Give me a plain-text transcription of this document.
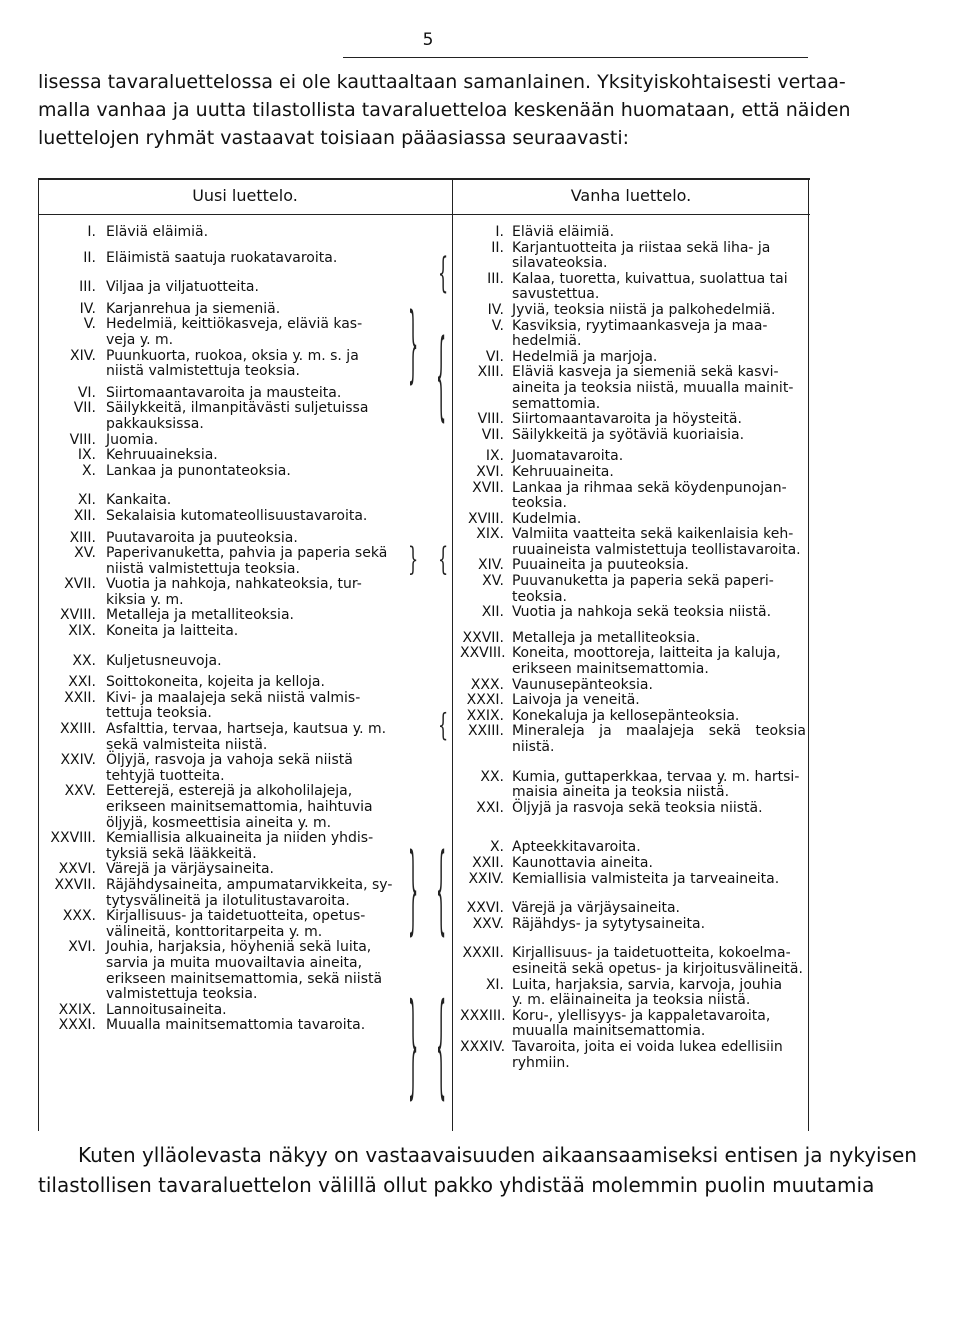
5
lisessa tavaraluettelossa ei ole kauttaaltaan samanlainen. Yksityiskohtaisesti vertaa-
malla vanhaa ja uutta tilastollista tavaraluetteloa keskenään huomataan, että näiden
luettelojen ryhmät vastaavat toisiaan pääasiassa seuraavasti:
Uusi luettelo.	Vanha luettelo.
I. Eläviä eläimiä.
II. Eläimistä saatuja ruokatavaroita.
III. Viljaa ja viljatuotteita.
IV. Karjanrehua ja siemeniä.
V. Hedelmiä, keittiökasveja, eläviä kas-
veja y. m.
XIV. Puunkuorta, ruokoa, oksia y. m. s. ja
niistä valmistettuja teoksia.
VI. Siirtomaantavaroita ja mausteita.
VII. Säilykkeitä, ilmanpitävästi suljetuissa
pakkauksissa.
VIII. Juomia.
IX. Kehruuaineksia.
X. Lankaa ja punontateoksia.
XI. Kankaita.
XII. Sekalaisia kutomateollisuustavaroita.
XIII. Puutavaroita ja puuteoksia.
XV. Paperivanuketta, pahvia ja paperia sekä
niistä valmistettuja teoksia.
XVII. Vuotia ja nahkoja, nahkateoksia, tur-
kiksia y. m.
XVIII. Metalleja ja metalliteoksia.
XIX. Koneita ja laitteita.
XX. Kuljetusneuvoja.
XXI. Soittokoneita, kojeita ja kelloja.
XXII. Kivi- ja maalajeja sekä niistä valmis-
tettuja teoksia.
XXIII. Asfalttia, tervaa, hartseja, kautsua y. m.
sekä valmisteita niistä.
XXIV. Öljyjä, rasvoja ja vahoja sekä niistä
tehtyjä tuotteita.
XXV. Eetterejä, esterejä ja alkoholilajeja,
erikseen mainitsemattomia, haihtuvia
öljyjä, kosmeettisia aineita y. m.
XXVIII. Kemiallisia alkuaineita ja niiden yhdis-
tyksiä sekä lääkkeitä.
XXVI. Värejä ja värjäysaineita.
XXVII. Räjähdysaineita, ampumatarvikkeita, sy-
tytysvälineitä ja ilotulitustavaroita.
XXX. Kirjallisuus- ja taidetuotteita, opetus-
välineitä, konttoritarpeita y. m.
XVI. Jouhia, harjaksia, höyheniä sekä luita,
sarvia ja muita muovailtavia aineita,
erikseen mainitsemattomia, sekä niistä
valmistettuja teoksia.
XXIX. Lannoitusaineita.
XXXI. Muualla mainitsemattomia tavaroita.
I. Eläviä eläimiä.
II. Karjantuotteita ja riistaa sekä liha- ja
silavateoksia.
III. Kalaa, tuoretta, kuivattua, suolattua tai
savustettua.
IV. Jyviä, teoksia niistä ja palkohedelmiä.
V. Kasviksia, ryytimaankasveja ja maa-
hedelmiä.
VI. Hedelmiä ja marjoja.
XIII. Eläviä kasveja ja siemeniä sekä kasvi-
aineita ja teoksia niistä, muualla mainit-
semattomia.
VIII. Siirtomaantavaroita ja höysteitä.
VII. Säilykkeitä ja syötäviä kuoriaisia.
IX. Juomatavaroita.
XVI. Kehruuaineita.
XVII. Lankaa ja rihmaa sekä köydenpunojan-
teoksia.
XVIII. Kudelmia.
XIX. Valmiita vaatteita sekä kaikenlaisia keh-
ruuaineista valmistettuja teollistavaroita.
XIV. Puuaineita ja puuteoksia.
XV. Puuvanuketta ja paperia sekä paperi-
teoksia.
XII. Vuotia ja nahkoja sekä teoksia niistä.
XXVII. Metalleja ja metalliteoksia.
XXVIII. Koneita, moottoreja, laitteita ja kaluja,
erikseen mainitsemattomia.
XXX. Vaunusepänteoksia.
XXXI. Laivoja ja veneitä.
XXIX. Konekaluja ja kellosepänteoksia.
XXIII. Mineraleja ja maalajeja sekä teoksia niistä.
XX. Kumia, guttaperkkaa, tervaa y. m. hartsi-
maisia aineita ja teoksia niistä.
XXI. Öljyjä ja rasvoja sekä teoksia niistä.
X. Apteekkitavaroita.
XXII. Kaunottavia aineita.
XXIV. Kemiallisia valmisteita ja tarveaineita.
XXVI. Värejä ja värjäysaineita.
XXV. Räjähdys- ja sytytysaineita.
XXXII. Kirjallisuus- ja taidetuotteita, kokoelma-
esineitä sekä opetus- ja kirjoitusvälineitä.
XI. Luita, harjaksia, sarvia, karvoja, jouhia
y. m. eläinaineita ja teoksia niistä.
XXXIII. Koru-, ylellisyys- ja kappaletavaroita,
muualla mainitsemattomia.
XXXIV. Tavaroita, joita ei voida lukea edellisiin
ryhmiin.
}
{
{
} {
{
} {
} {
Kuten ylläolevasta näkyy on vastaavaisuuden aikaansaamiseksi entisen ja nykyisen
tilastollisen tavaraluettelon välillä ollut pakko yhdistää molemmin puolin muutamia
